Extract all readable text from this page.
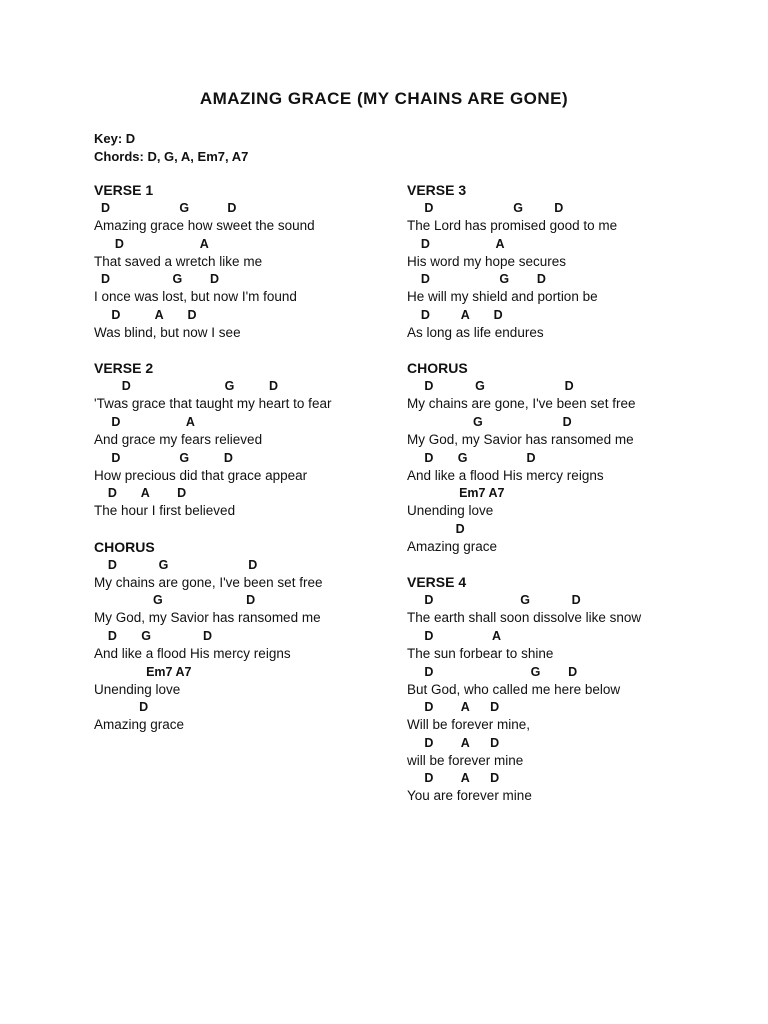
AMAZING GRACE (MY CHAINS ARE GONE)
Key: D
Chords: D, G, A, Em7, A7
VERSE 1
D                    G           D
Amazing grace how sweet the sound
D                      A
That saved a wretch like me
D                  G        D
I once was lost, but now I'm found
D          A       D
Was blind, but now I see
VERSE 2
D                           G          D
'Twas grace that taught my heart to fear
D                   A
And grace my fears relieved
D                 G          D
How precious did that grace appear
D       A        D
The hour I first believed
CHORUS
D            G                       D
My chains are gone, I've been set free
G                        D
My God, my Savior has ransomed me
D       G               D
And like a flood His mercy reigns
Em7 A7
Unending love
D
Amazing grace
VERSE 3
D                       G         D
The Lord has promised good to me
D                   A
His word my hope secures
D                    G        D
He will my shield and portion be
D         A       D
As long as life endures
CHORUS
D            G                       D
My chains are gone, I've been set free
G                       D
My God, my Savior has ransomed me
D       G                 D
And like a flood His mercy reigns
Em7 A7
Unending love
D
Amazing grace
VERSE 4
D                         G            D
The earth shall soon dissolve like snow
D                 A
The sun forbear to shine
D                            G        D
But God, who called me here below
D        A      D
Will be forever mine,
D        A      D
will be forever mine
D        A      D
You are forever mine
